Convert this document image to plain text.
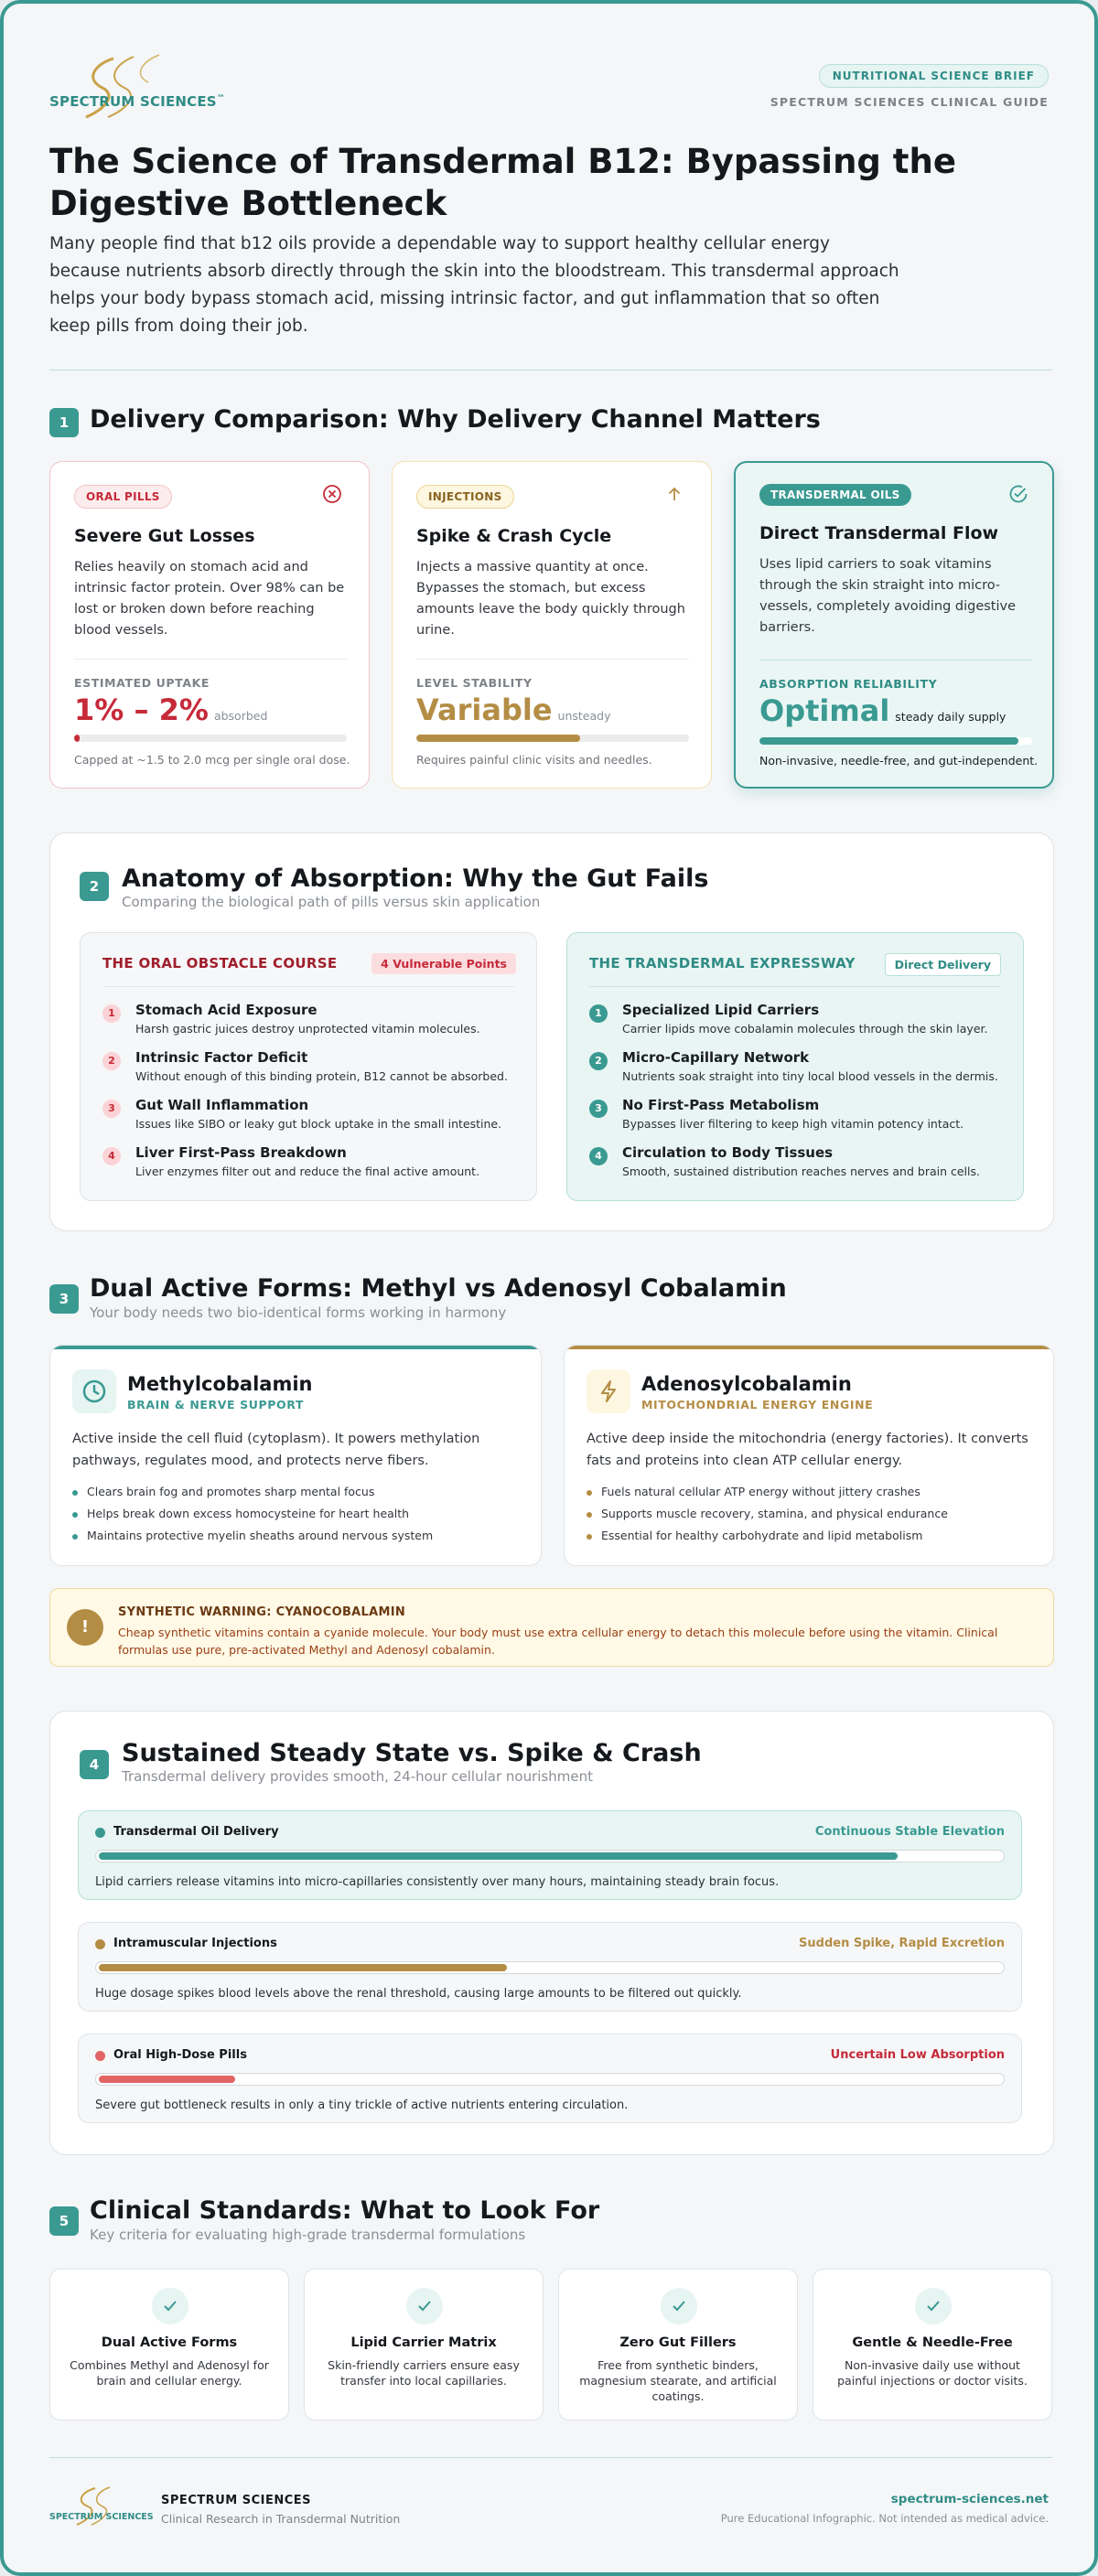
SPECTRUM SCIENCES™
NUTRITIONAL SCIENCE BRIEF
SPECTRUM SCIENCES CLINICAL GUIDE
The Science of Transdermal B12: Bypassing the Digestive Bottleneck

Many people find that b12 oils provide a dependable way to support healthy cellular energy because nutrients absorb directly through the skin into the bloodstream. This transdermal approach helps your body bypass stomach acid, missing intrinsic factor, and gut inflammation that so often keep pills from doing their job.

1 Delivery Comparison: Why Delivery Channel Matters
ORAL PILLS
Severe Gut Losses
Relies heavily on stomach acid and intrinsic factor protein. Over 98% can be lost or broken down before reaching blood vessels.
ESTIMATED UPTAKE
1% – 2% absorbed
Capped at ~1.5 to 2.0 mcg per single oral dose.
INJECTIONS
Spike & Crash Cycle
Injects a massive quantity at once. Bypasses the stomach, but excess amounts leave the body quickly through urine.
LEVEL STABILITY
Variable unsteady
Requires painful clinic visits and needles.
TRANSDERMAL OILS
Direct Transdermal Flow
Uses lipid carriers to soak vitamins through the skin straight into micro-vessels, completely avoiding digestive barriers.
ABSORPTION RELIABILITY
Optimal steady daily supply
Non-invasive, needle-free, and gut-independent.
2 Anatomy of Absorption: Why the Gut Fails
Comparing the biological path of pills versus skin application
THE ORAL OBSTACLE COURSE	4 Vulnerable Points
1	Stomach Acid Exposure
Harsh gastric juices destroy unprotected vitamin molecules.
2	Intrinsic Factor Deficit
Without enough of this binding protein, B12 cannot be absorbed.
3	Gut Wall Inflammation
Issues like SIBO or leaky gut block uptake in the small intestine.
4	Liver First-Pass Breakdown
Liver enzymes filter out and reduce the final active amount.
THE TRANSDERMAL EXPRESSWAY	Direct Delivery
1	Specialized Lipid Carriers
Carrier lipids move cobalamin molecules through the skin layer.
2	Micro-Capillary Network
Nutrients soak straight into tiny local blood vessels in the dermis.
3	No First-Pass Metabolism
Bypasses liver filtering to keep high vitamin potency intact.
4	Circulation to Body Tissues
Smooth, sustained distribution reaches nerves and brain cells.
3 Dual Active Forms: Methyl vs Adenosyl Cobalamin
Your body needs two bio-identical forms working in harmony
Methylcobalamin
BRAIN & NERVE SUPPORT
Active inside the cell fluid (cytoplasm). It powers methylation pathways, regulates mood, and protects nerve fibers.
Clears brain fog and promotes sharp mental focus
Helps break down excess homocysteine for heart health
Maintains protective myelin sheaths around nervous system
Adenosylcobalamin
MITOCHONDRIAL ENERGY ENGINE
Active deep inside the mitochondria (energy factories). It converts fats and proteins into clean ATP cellular energy.
Fuels natural cellular ATP energy without jittery crashes
Supports muscle recovery, stamina, and physical endurance
Essential for healthy carbohydrate and lipid metabolism
!
SYNTHETIC WARNING: CYANOCOBALAMIN
Cheap synthetic vitamins contain a cyanide molecule. Your body must use extra cellular energy to detach this molecule before using the vitamin. Clinical formulas use pure, pre-activated Methyl and Adenosyl cobalamin.
4 Sustained Steady State vs. Spike & Crash
Transdermal delivery provides smooth, 24-hour cellular nourishment
Transdermal Oil Delivery	Continuous Stable Elevation
Lipid carriers release vitamins into micro-capillaries consistently over many hours, maintaining steady brain focus.
Intramuscular Injections	Sudden Spike, Rapid Excretion
Huge dosage spikes blood levels above the renal threshold, causing large amounts to be filtered out quickly.
Oral High-Dose Pills	Uncertain Low Absorption
Severe gut bottleneck results in only a tiny trickle of active nutrients entering circulation.
5 Clinical Standards: What to Look For
Key criteria for evaluating high-grade transdermal formulations
Dual Active Forms
Combines Methyl and Adenosyl for brain and cellular energy.
Lipid Carrier Matrix
Skin-friendly carriers ensure easy transfer into local capillaries.
Zero Gut Fillers
Free from synthetic binders, magnesium stearate, and artificial coatings.
Gentle & Needle-Free
Non-invasive daily use without painful injections or doctor visits.
SPECTRUM SCIENCES
SPECTRUM SCIENCES
Clinical Research in Transdermal Nutrition
spectrum-sciences.net
Pure Educational Infographic. Not intended as medical advice.
